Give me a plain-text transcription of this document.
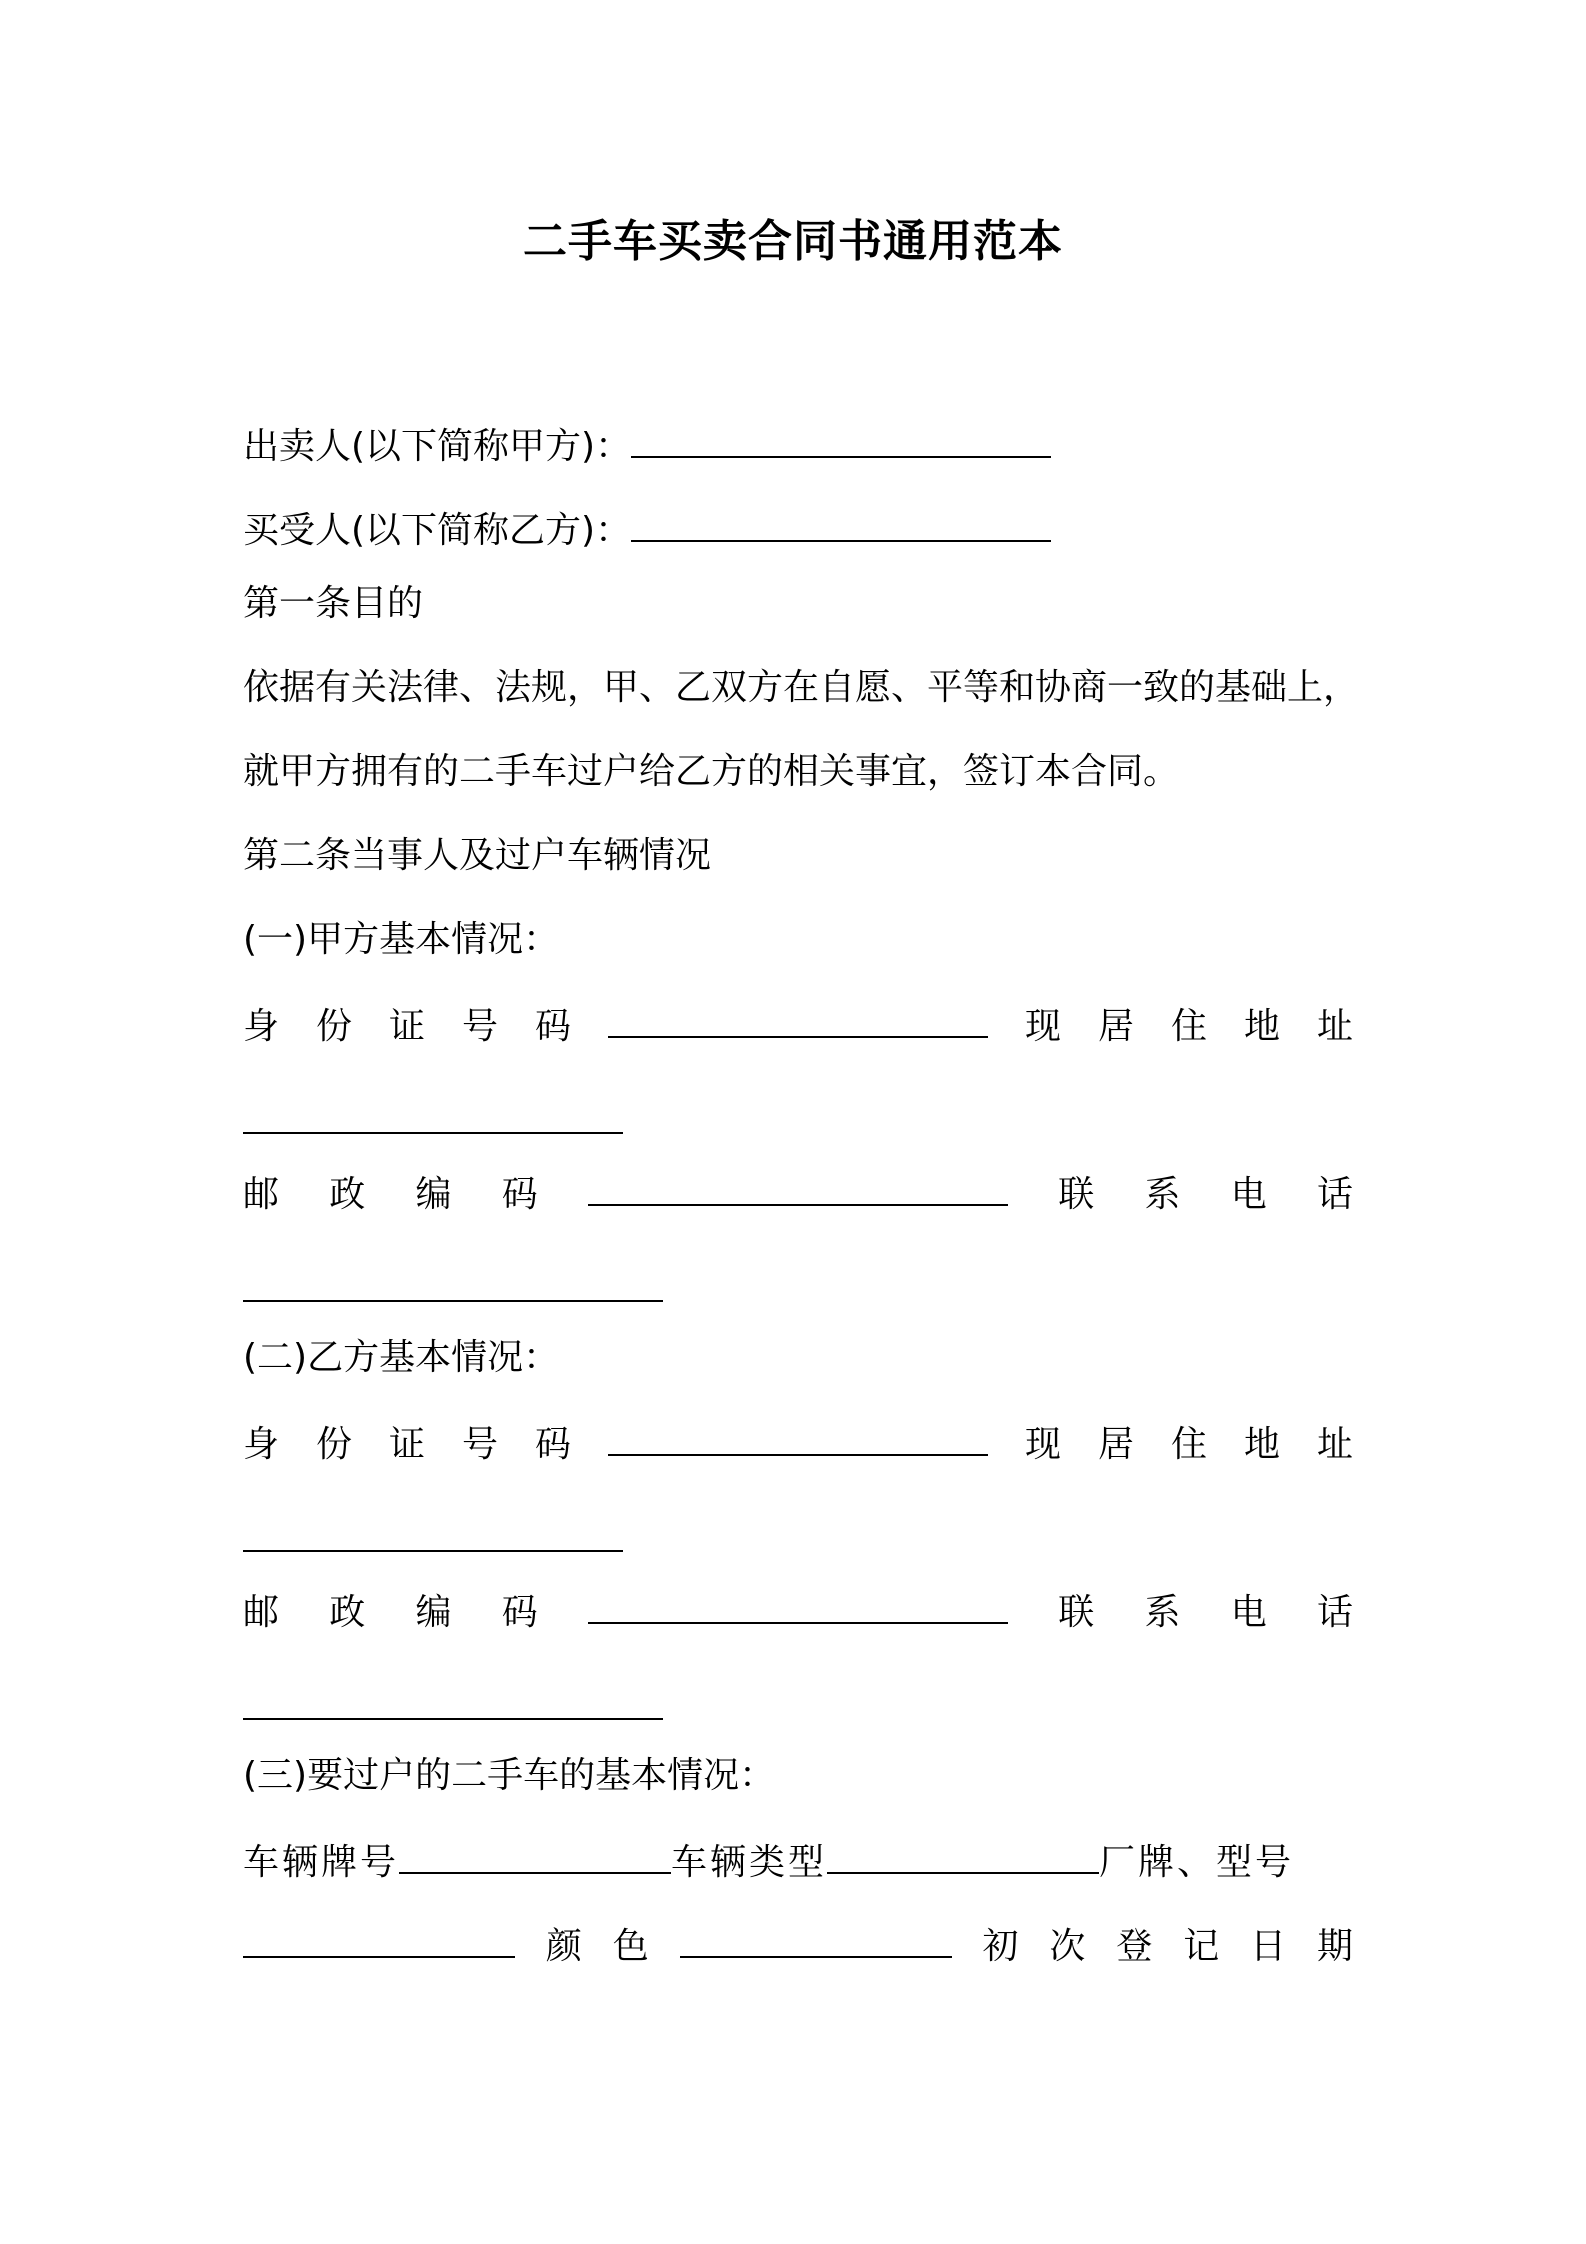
二手车买卖合同书通用范本
出卖人(以下简称甲方)：
买受人(以下简称乙方)：
第一条目的
依据有关法律、法规，甲、乙双方在自愿、平等和协商一致的基础上，
就甲方拥有的二手车过户给乙方的相关事宜，签订本合同。
第二条当事人及过户车辆情况
(一)甲方基本情况：
身 份 证 号 码	现 居 住 地 址
邮 政 编 码	联 系 电 话
(二)乙方基本情况：
身 份 证 号 码	现 居 住 地 址
邮 政 编 码	联 系 电 话
(三)要过户的二手车的基本情况：
车辆牌号	车辆类型	厂牌、型号
颜 色	初 次 登 记 日 期
